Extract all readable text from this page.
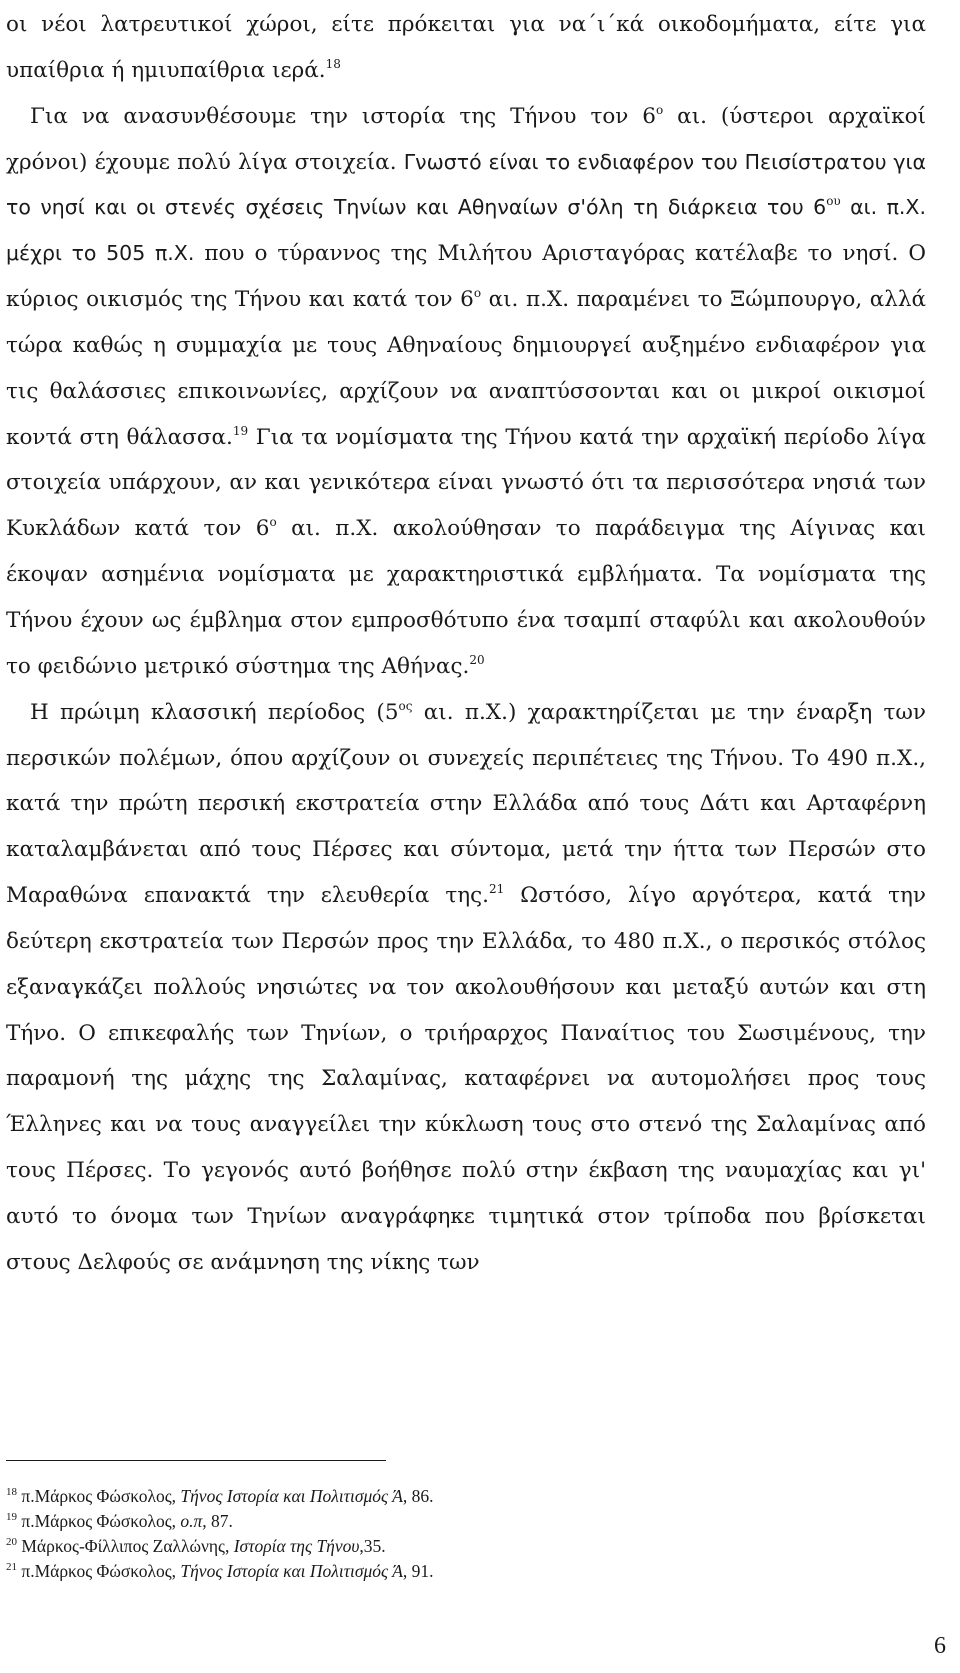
οι νέοι λατρευτικοί χώροι, είτε πρόκειται για να΄ι΄κά οικοδομήματα, είτε για υπαίθρια ή ημιυπαίθρια ιερά.$^{18}$

Για να ανασυνθέσουμε την ιστορία της Τήνου τον $6^o$ αι. (ύστεροι αρχαϊκοί χρόνοι) έχουμε πολύ λίγα στοιχεία. Γνωστό είναι το ενδιαφέρον του Πεισίστρατου για το νησί και οι στενές σχέσεις Τηνίων και Αθηναίων σ'όλη τη διάρκεια του $6^{o\upsilon}$ αι. π.Χ. μέχρι το 505 π.Χ. που ο τύραννος της Μιλήτου Αρισταγόρας κατέλαβε το νησί. Ο κύριος οικισμός της Τήνου και κατά τον $6^o$ αι. π.Χ. παραμένει το Ξώμπουργο, αλλά τώρα καθώς η συμμαχία με τους Αθηναίους δημιουργεί αυξημένο ενδιαφέρον για τις θαλάσσιες επικοινωνίες, αρχίζουν να αναπτύσσονται και οι μικροί οικισμοί κοντά στη θάλασσα.$^{19}$ Για τα νομίσματα της Τήνου κατά την αρχαϊκή περίοδο λίγα στοιχεία υπάρχουν, αν και γενικότερα είναι γνωστό ότι τα περισσότερα νησιά των Κυκλάδων κατά τον $6^o$ αι. π.Χ. ακολούθησαν το παράδειγμα της Αίγινας και έκοψαν ασημένια νομίσματα με χαρακτηριστικά εμβλήματα. Τα νομίσματα της Τήνου έχουν ως έμβλημα στον εμπροσθότυπο ένα τσαμπί σταφύλι και ακολουθούν το φειδώνιο μετρικό σύστημα της Αθήνας.$^{20}$

Η πρώιμη κλασσική περίοδος ($5^{o\varsigma}$ αι. π.Χ.) χαρακτηρίζεται με την έναρξη των περσικών πολέμων, όπου αρχίζουν οι συνεχείς περιπέτειες της Τήνου. Το 490 π.Χ., κατά την πρώτη περσική εκστρατεία στην Ελλάδα από τους Δάτι και Αρταφέρνη καταλαμβάνεται από τους Πέρσες και σύντομα, μετά την ήττα των Περσών στο Μαραθώνα επανακτά την ελευθερία της.$^{21}$ Ωστόσο, λίγο αργότερα, κατά την δεύτερη εκστρατεία των Περσών προς την Ελλάδα, το 480 π.Χ., ο περσικός στόλος εξαναγκάζει πολλούς νησιώτες να τον ακολουθήσουν και μεταξύ αυτών και στη Τήνο. Ο επικεφαλής των Τηνίων, ο τριήραρχος Παναίτιος του Σωσιμένους, την παραμονή της μάχης της Σαλαμίνας, καταφέρνει να αυτομολήσει προς τους Έλληνες και να τους αναγγείλει την κύκλωση τους στο στενό της Σαλαμίνας από τους Πέρσες. Το γεγονός αυτό βοήθησε πολύ στην έκβαση της ναυμαχίας και γι' αυτό το όνομα των Τηνίων αναγράφηκε τιμητικά στον τρίποδα που βρίσκεται στους Δελφούς σε ανάμνηση της νίκης των

$^{18}$ π.Μάρκος Φώσκολος, Τήνος Ιστορία και Πολιτισμός Ά, 86.
$^{19}$ π.Μάρκος Φώσκολος, ο.π, 87.
$^{20}$ Μάρκος-Φίλλιπος Ζαλλώνης, Ιστορία της Τήνου,35.
$^{21}$ π.Μάρκος Φώσκολος, Τήνος Ιστορία και Πολιτισμός Ά, 91.
6
